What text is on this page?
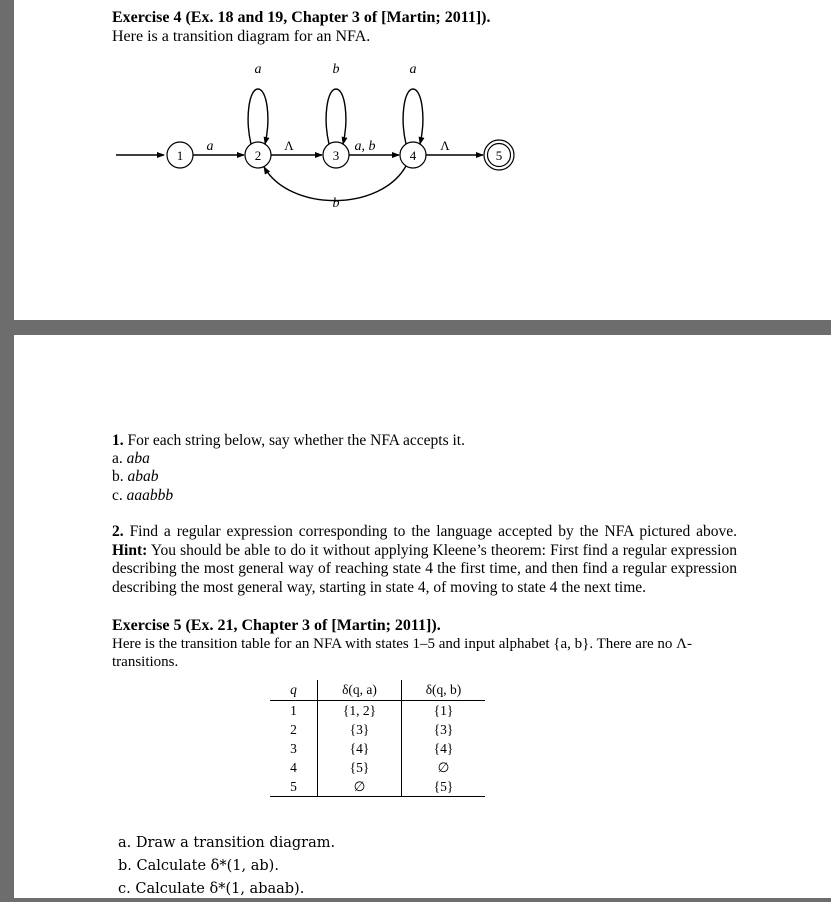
Exercise 4 (Ex. 18 and 19, Chapter 3 of [Martin; 2011]).
Here is a transition diagram for an NFA.
1	2	3	4	5
a	b	a
a	Λ	a, b	Λ
b
1. For each string below, say whether the NFA accepts it.
a. aba
b. abab
c. aaabbb
2. Find a regular expression corresponding to the language accepted by the NFA pictured above. Hint: You should be able to do it without applying Kleene’s theorem: First find a regular expression describing the most general way of reaching state 4 the first time, and then find a regular expression describing the most general way, starting in state 4, of moving to state 4 the next time.
Exercise 5 (Ex. 21, Chapter 3 of [Martin; 2011]).
Here is the transition table for an NFA with states 1–5 and input alphabet {a, b}. There are no Λ-
transitions.
q	δ(q, a)	δ(q, b)
1	{1, 2}	{1}
2	{3}	{3}
3	{4}	{4}
4	{5}	∅
5	∅	{5}
a. Draw a transition diagram.
b. Calculate δ*(1, ab).
c. Calculate δ*(1, abaab).
